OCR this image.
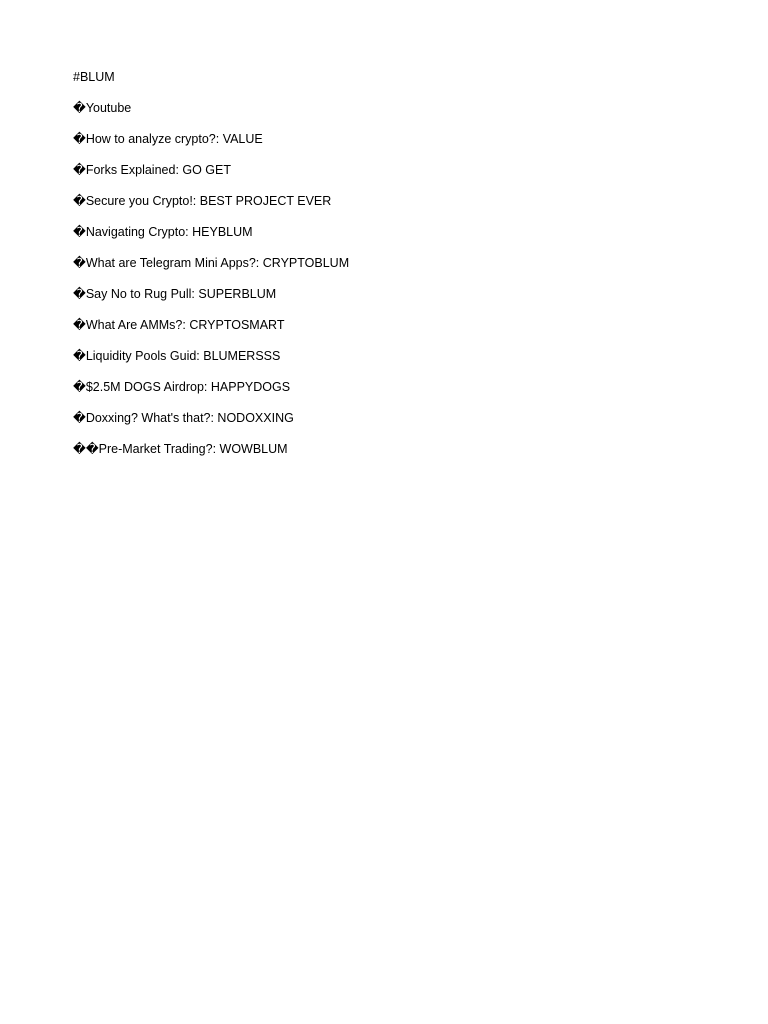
#BLUM
�Youtube
�How to analyze crypto?: VALUE
�Forks Explained: GO GET
�Secure you Crypto!: BEST PROJECT EVER
�Navigating Crypto: HEYBLUM
�What are Telegram Mini Apps?: CRYPTOBLUM
�Say No to Rug Pull: SUPERBLUM
�What Are AMMs?: CRYPTOSMART
�Liquidity Pools Guid: BLUMERSSS
�$2.5M DOGS Airdrop: HAPPYDOGS
�Doxxing? What's that?: NODOXXING
��Pre-Market Trading?: WOWBLUM
